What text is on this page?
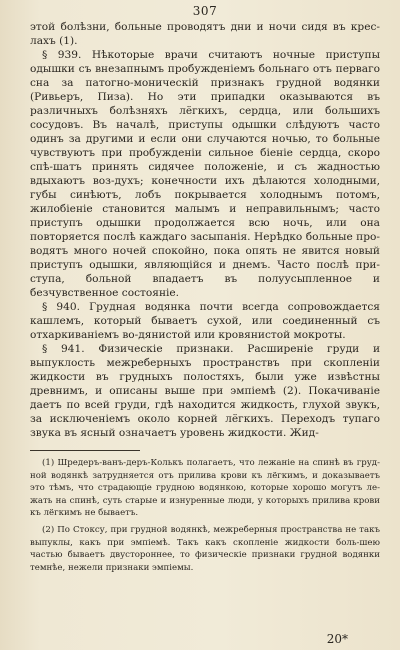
307

этой болѣзни, больные проводятъ дни и ночи сидя въ крес-лахъ (1).

§ 939. Нѣкоторые врачи считаютъ ночные приступы одышки съ внезапнымъ пробужденіемъ больнаго отъ перваго сна за патогно-моническій признакъ грудной водянки (Ривьеръ, Пиза). Но эти припадки оказываются въ различныхъ болѣзняхъ лёгкихъ, сердца, или большихъ сосудовъ. Въ началѣ, приступы одышки слѣдуютъ часто одинъ за другими и если они случаются ночью, то больные чувствуютъ при пробужденіи сильное біеніе сердца, скоро спѣ-шатъ принять сидячее положеніе, и съ жадностью вдыхаютъ воз-духъ; конечности ихъ дѣлаются холодными, губы синѣютъ, лобъ покрывается холоднымъ потомъ, жилобіеніе становится малымъ и неправильнымъ; часто приступъ одышки продолжается всю ночь, или она повторяется послѣ каждаго засыпанія. Нерѣдко больные про-водятъ много ночей спокойно, пока опять не явится новый приступъ одышки, являющійся и днемъ. Часто послѣ при-ступа, больной впадаетъ въ полуусыпленное и безчувственное состояніе.

§ 940. Грудная водянка почти всегда сопровождается кашлемъ, который бываетъ сухой, или соединенный съ отхаркиваніемъ во-дянистой или кровянистой мокроты.

§ 941. Физическіе признаки. Расширеніе груди и выпуклость межреберныхъ пространствъ при скопленіи жидкости въ грудныхъ полостяхъ, были уже извѣстны древнимъ, и описаны выше при эмпіемѣ (2). Покачиваніе даетъ по всей груди, гдѣ находится жидкость, глухой звукъ, за исключеніемъ около корней лёгкихъ. Переходъ тупаго звука въ ясный означаетъ уровень жидкости. Жид-

(1) Шредеръ-ванъ-деръ-Колькъ полагаетъ, что лежаніе на спинѣ въ груд-ной водянкѣ затрудняется отъ прилива крови къ лёгкимъ, и доказываетъ это тѣмъ, что страдающіе грудною водянкою, которые хорошо могутъ ле-жать на спинѣ, суть старые и изнуренные люди, у которыхъ прилива крови къ лёгкимъ не бываетъ.

(2) По Стоксу, при грудной водянкѣ, межреберныя пространства не такъ выпуклы, какъ при эмпіемѣ. Такъ какъ скопленіе жидкости боль-шею частью бываетъ двустороннее, то физическіе признаки грудной водянки темнѣе, нежели признаки эмпіемы.

20*
